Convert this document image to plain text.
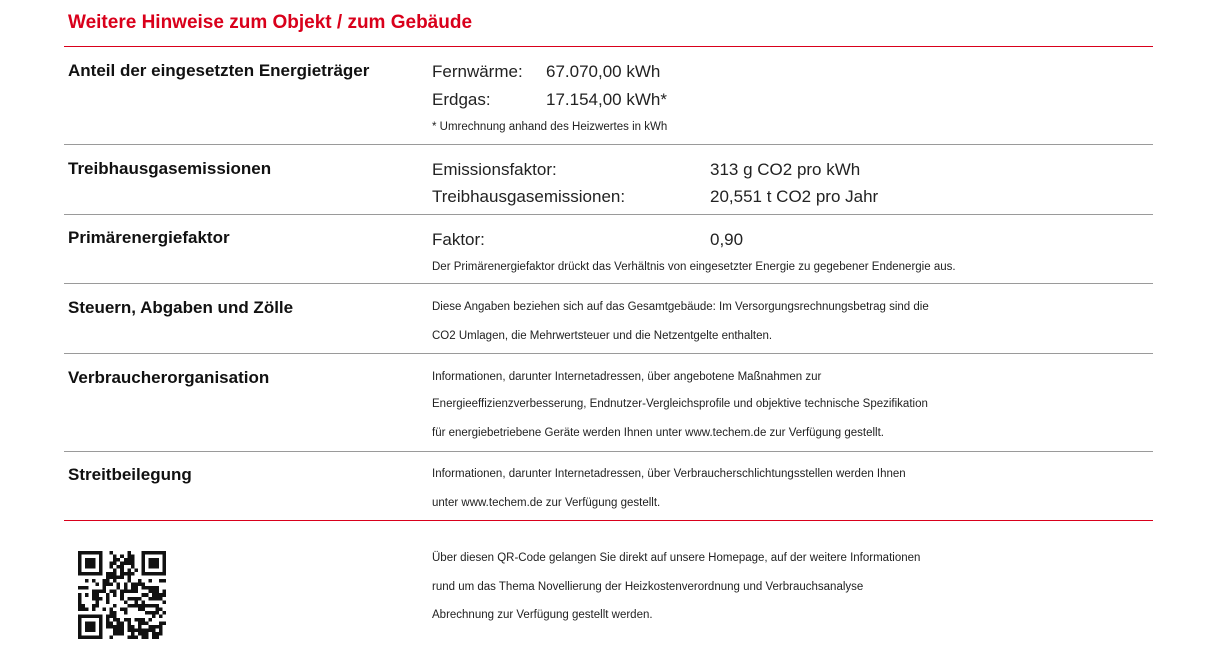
Weitere Hinweise zum Objekt / zum Gebäude
Anteil der eingesetzten Energieträger	Fernwärme: 67.070,00 kWh
Erdgas:	17.154,00 kWh*
* Umrechnung anhand des Heizwertes in kWh
Treibhausgasemissionen	Emissionsfaktor:	313 g CO2 pro kWh
Treibhausgasemissionen:	20,551 t CO2 pro Jahr
Primärenergiefaktor	Faktor:	0,90
Der Primärenergiefaktor drückt das Verhältnis von eingesetzter Energie zu gegebener Endenergie aus.
Steuern, Abgaben und Zölle	Diese Angaben beziehen sich auf das Gesamtgebäude: Im Versorgungsrechnungsbetrag sind die
CO2 Umlagen, die Mehrwertsteuer und die Netzentgelte enthalten.
Verbraucherorganisation	Informationen, darunter Internetadressen, über angebotene Maßnahmen zur
Energieeffizienzverbesserung, Endnutzer-Vergleichsprofile und objektive technische Spezifikation
für energiebetriebene Geräte werden Ihnen unter www.techem.de zur Verfügung gestellt.
Streitbeilegung	Informationen, darunter Internetadressen, über Verbraucherschlichtungsstellen werden Ihnen
unter www.techem.de zur Verfügung gestellt.
Über diesen QR-Code gelangen Sie direkt auf unsere Homepage, auf der weitere Informationen
rund um das Thema Novellierung der Heizkostenverordnung und Verbrauchsanalyse
Abrechnung zur Verfügung gestellt werden.
